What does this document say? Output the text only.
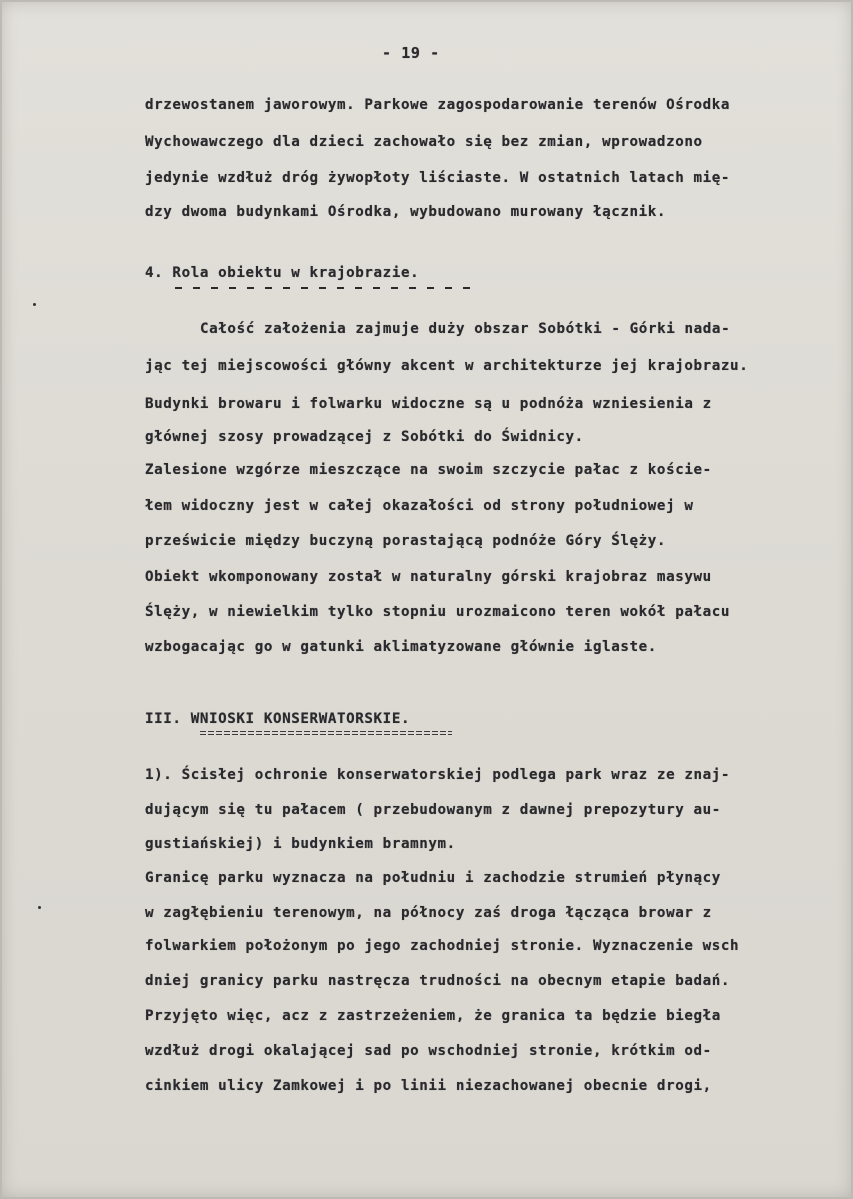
- 19 -
drzewostanem jaworowym. Parkowe zagospodarowanie terenów Ośrodka
Wychowawczego dla dzieci zachowało się bez zmian, wprowadzono
jedynie wzdłuż dróg żywopłoty liściaste. W ostatnich latach mię-
dzy dwoma budynkami Ośrodka, wybudowano murowany łącznik.
4. Rola obiektu w krajobrazie.
Całość założenia zajmuje duży obszar Sobótki - Górki nada-
jąc tej miejscowości główny akcent w architekturze jej krajobrazu.
Budynki browaru i folwarku widoczne są u podnóża wzniesienia z
głównej szosy prowadzącej z Sobótki do Świdnicy.
Zalesione wzgórze mieszczące na swoim szczycie pałac z koście-
łem widoczny jest w całej okazałości od strony południowej w
prześwicie między buczyną porastającą podnóże Góry Ślęży.
Obiekt wkomponowany został w naturalny górski krajobraz masywu
Ślęży, w niewielkim tylko stopniu urozmaicono teren wokół pałacu
wzbogacając go w gatunki aklimatyzowane głównie iglaste.
III. WNIOSKI KONSERWATORSKIE.
1). Ścisłej ochronie konserwatorskiej podlega park wraz ze znaj-
dującym się tu pałacem ( przebudowanym z dawnej prepozytury au-
gustiańskiej) i budynkiem bramnym.
Granicę parku wyznacza na południu i zachodzie strumień płynący
w zagłębieniu terenowym, na północy zaś droga łącząca browar z
folwarkiem położonym po jego zachodniej stronie. Wyznaczenie wsch
dniej granicy parku nastręcza trudności na obecnym etapie badań.
Przyjęto więc, acz z zastrzeżeniem, że granica ta będzie biegła
wzdłuż drogi okalającej sad po wschodniej stronie, krótkim od-
cinkiem ulicy Zamkowej i po linii niezachowanej obecnie drogi,
